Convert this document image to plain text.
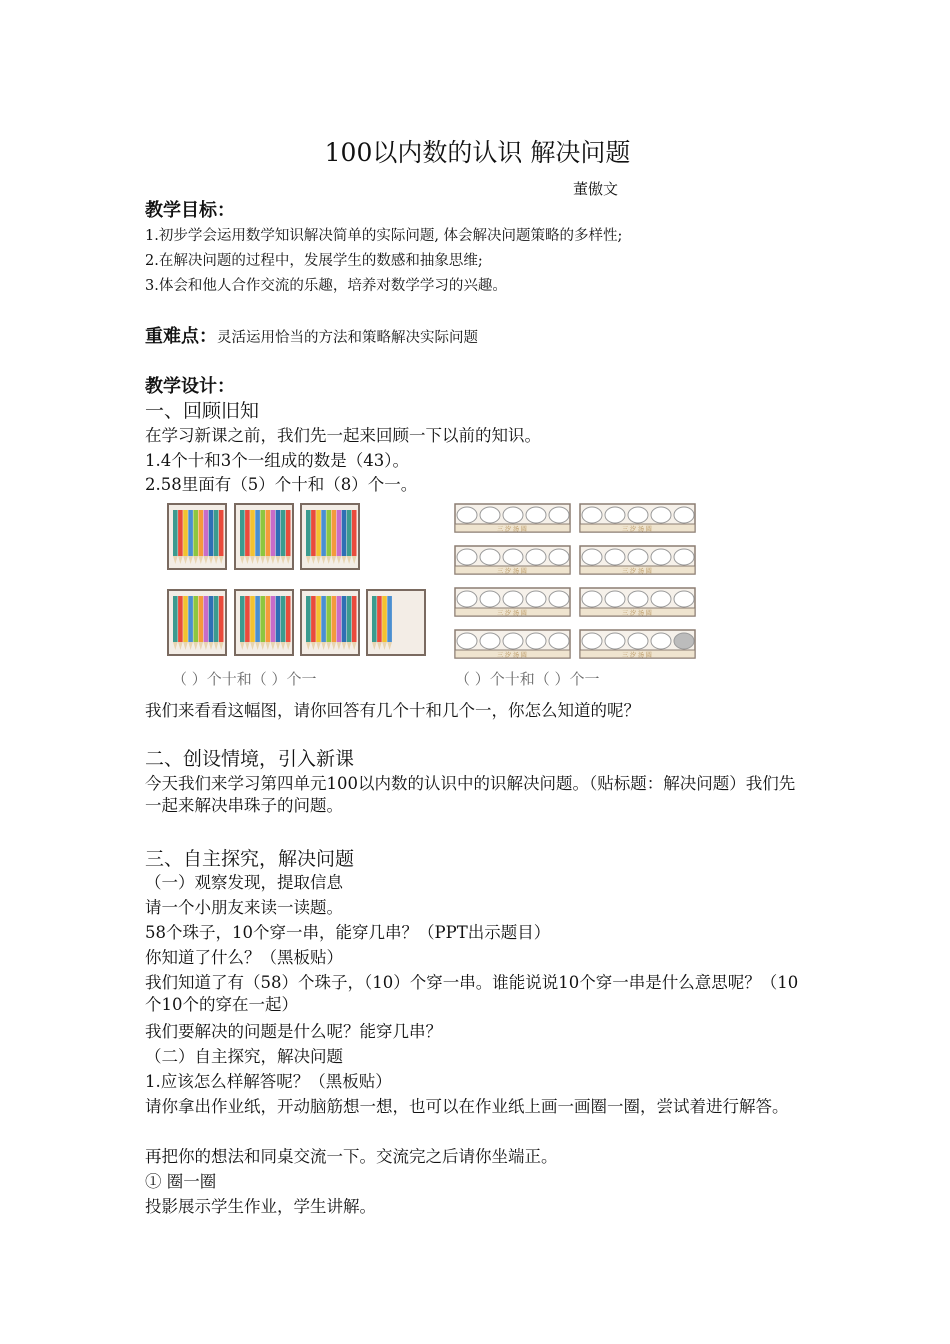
100以内数的认识 解决问题
董傲文
教学目标：
1.初步学会运用数学知识解决简单的实际问题, 体会解决问题策略的多样性;
2.在解决问题的过程中，发展学生的数感和抽象思维;
3.体会和他人合作交流的乐趣，培养对数学学习的兴趣。
重难点：灵活运用恰当的方法和策略解决实际问题
教学设计：
一、回顾旧知
在学习新课之前，我们先一起来回顾一下以前的知识。
1.4个十和3个一组成的数是（43）。
2.58里面有（5）个十和（8）个一。
我们来看看这幅图，请你回答有几个十和几个一，你怎么知道的呢？
二、创设情境，引入新课
今天我们来学习第四单元100以内数的认识中的识解决问题。（贴标题：解决问题）我们先一起来解决串珠子的问题。
三、自主探究，解决问题
（一）观察发现，提取信息
请一个小朋友来读一读题。
58个珠子，10个穿一串，能穿几串？（PPT出示题目）
你知道了什么？（黑板贴）
我们知道了有（58）个珠子，（10）个穿一串。谁能说说10个穿一串是什么意思呢？（10个10个的穿在一起）
我们要解决的问题是什么呢？能穿几串？
（二）自主探究，解决问题
1.应该怎么样解答呢？（黑板贴）
请你拿出作业纸，开动脑筋想一想，也可以在作业纸上画一画圈一圈，尝试着进行解答。
再把你的想法和同桌交流一下。交流完之后请你坐端正。
① 圈一圈
投影展示学生作业，学生讲解。
三 汐 汤 圆	三 汐 汤 圆
三 汐 汤 圆	三 汐 汤 圆
三 汐 汤 圆	三 汐 汤 圆
三 汐 汤 圆	三 汐 汤 圆
（ ）个十和（ ）个一	（ ）个十和（ ）个一
